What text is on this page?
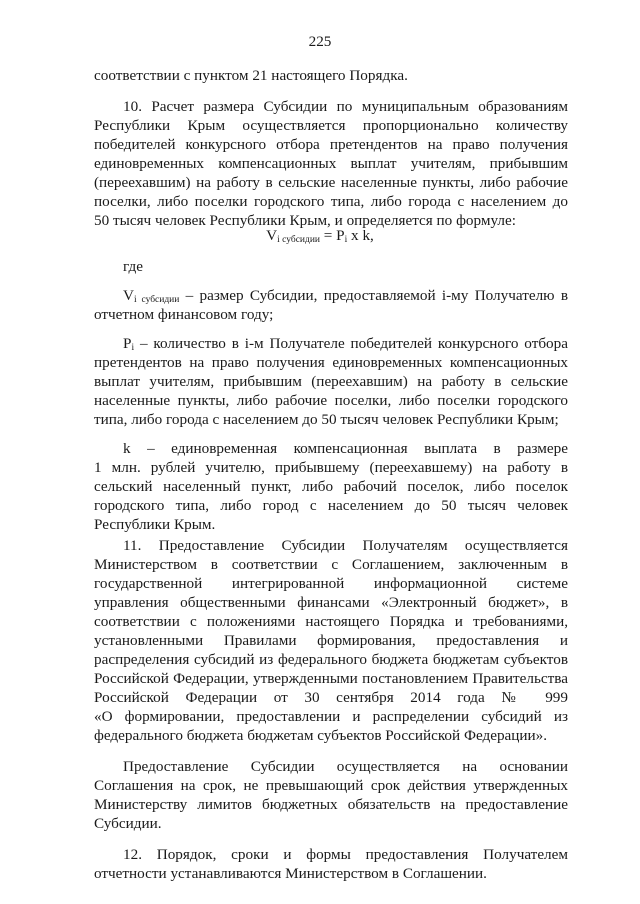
225
соответствии с пунктом 21 настоящего Порядка.
10. Расчет размера Субсидии по муниципальным образованиям
Республики Крым осуществляется пропорционально количеству
победителей конкурсного отбора претендентов на право получения
единовременных компенсационных выплат учителям, прибывшим
(переехавшим) на работу в сельские населенные пункты, либо рабочие
поселки, либо поселки городского типа, либо города с населением до
50 тысяч человек Республики Крым, и определяется по формуле:
$V_{i субсидии} = P_i$ x k,
где
$V_{i субсидии}$ – размер Субсидии, предоставляемой i-му Получателю в
отчетном финансовом году;
$P_i$ – количество в i-м Получателе победителей конкурсного отбора
претендентов на право получения единовременных компенсационных
выплат учителям, прибывшим (переехавшим) на работу в сельские
населенные пункты, либо рабочие поселки, либо поселки городского
типа, либо города с населением до 50 тысяч человек Республики Крым;
k – единовременная компенсационная выплата в размере
1 млн. рублей учителю, прибывшему (переехавшему) на работу в
сельский населенный пункт, либо рабочий поселок, либо поселок
городского типа, либо город с населением до 50 тысяч человек
Республики Крым.
11. Предоставление Субсидии Получателям осуществляется
Министерством в соответствии с Соглашением, заключенным в
государственной интегрированной информационной системе
управления общественными финансами «Электронный бюджет», в
соответствии с положениями настоящего Порядка и требованиями,
установленными Правилами формирования, предоставления и
распределения субсидий из федерального бюджета бюджетам субъектов
Российской Федерации, утвержденными постановлением Правительства
Российской Федерации от 30 сентября 2014 года № 999
«О формировании, предоставлении и распределении субсидий из
федерального бюджета бюджетам субъектов Российской Федерации».
Предоставление Субсидии осуществляется на основании
Соглашения на срок, не превышающий срок действия утвержденных
Министерству лимитов бюджетных обязательств на предоставление
Субсидии.
12. Порядок, сроки и формы предоставления Получателем
отчетности устанавливаются Министерством в Соглашении.
